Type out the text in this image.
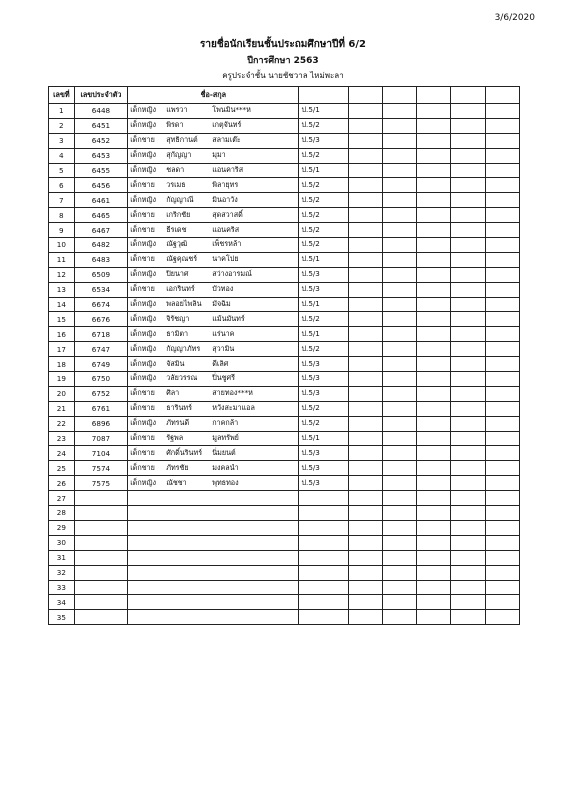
3/6/2020
รายชื่อนักเรียนชั้นประถมศึกษาปีที่ 6/2
ปีการศึกษา 2563
ครูประจำชั้น นายชัชวาล ไหม่พะลา
เลขที่	เลขประจำตัว	ชื่อ-สกุล						
1	6448	เด็กหญิง แพรวา โพนมิน***ห	ป.5/1					
2	6451	เด็กหญิง พิรดา เกตุจันทร์	ป.5/2					
3	6452	เด็กชาย สุทธิกานต์ สลามเต๊ะ	ป.5/3					
4	6453	เด็กหญิง สุกัญญา มุมา	ป.5/2					
5	6455	เด็กหญิง ชลดา แอนคาริส	ป.5/1					
6	6456	เด็กชาย วรเมธ พิลายุทร	ป.5/2					
7	6461	เด็กหญิง กัญญาณี มินอาวัง	ป.5/2					
8	6465	เด็กชาย เกริกชัย สุดสวาสดิ์	ป.5/2					
9	6467	เด็กชาย ธีรเดช แอนคริส	ป.5/2					
10	6482	เด็กหญิง ณัฐวุฒิ เพ็ชรหล้า	ป.5/2					
11	6483	เด็กชาย ณัฐคุณชร์ นาคโปย	ป.5/1					
12	6509	เด็กหญิง ปิยนาศ สว่างอารมณ์	ป.5/3					
13	6534	เด็กชาย เอกรินทร์ บัวทอง	ป.5/3					
14	6674	เด็กหญิง พลอยไพลิน มัจฉิม	ป.5/1					
15	6676	เด็กหญิง จิรัชญา แม้นมันทร์	ป.5/2					
16	6718	เด็กหญิง ธามิตา แร่นาค	ป.5/1					
17	6747	เด็กหญิง กัญญาภัทร สุวามิน	ป.5/2					
18	6749	เด็กหญิง จัสมิน ดีเลิศ	ป.5/3					
19	6750	เด็กหญิง วลัยวรรณ ปิ่นชูศรี	ป.5/3					
20	6752	เด็กชาย ศิลา สายทอง***ห	ป.5/3					
21	6761	เด็กชาย ธารินทร์ หวังสะมาแอล	ป.5/2					
22	6896	เด็กหญิง ภัทรนดี กาคกล้า	ป.5/2					
23	7087	เด็กชาย รัฐพล มูลทรัพย์	ป.5/1					
24	7104	เด็กชาย ศักดิ์นรินทร์ นิ่มยนต์	ป.5/3					
25	7574	เด็กชาย ภัทรชัย มงคลนำ	ป.5/3					
26	7575	เด็กหญิง ณัชชา พุทธทอง	ป.5/3					
27								
28								
29								
30								
31								
32								
33								
34								
35								
